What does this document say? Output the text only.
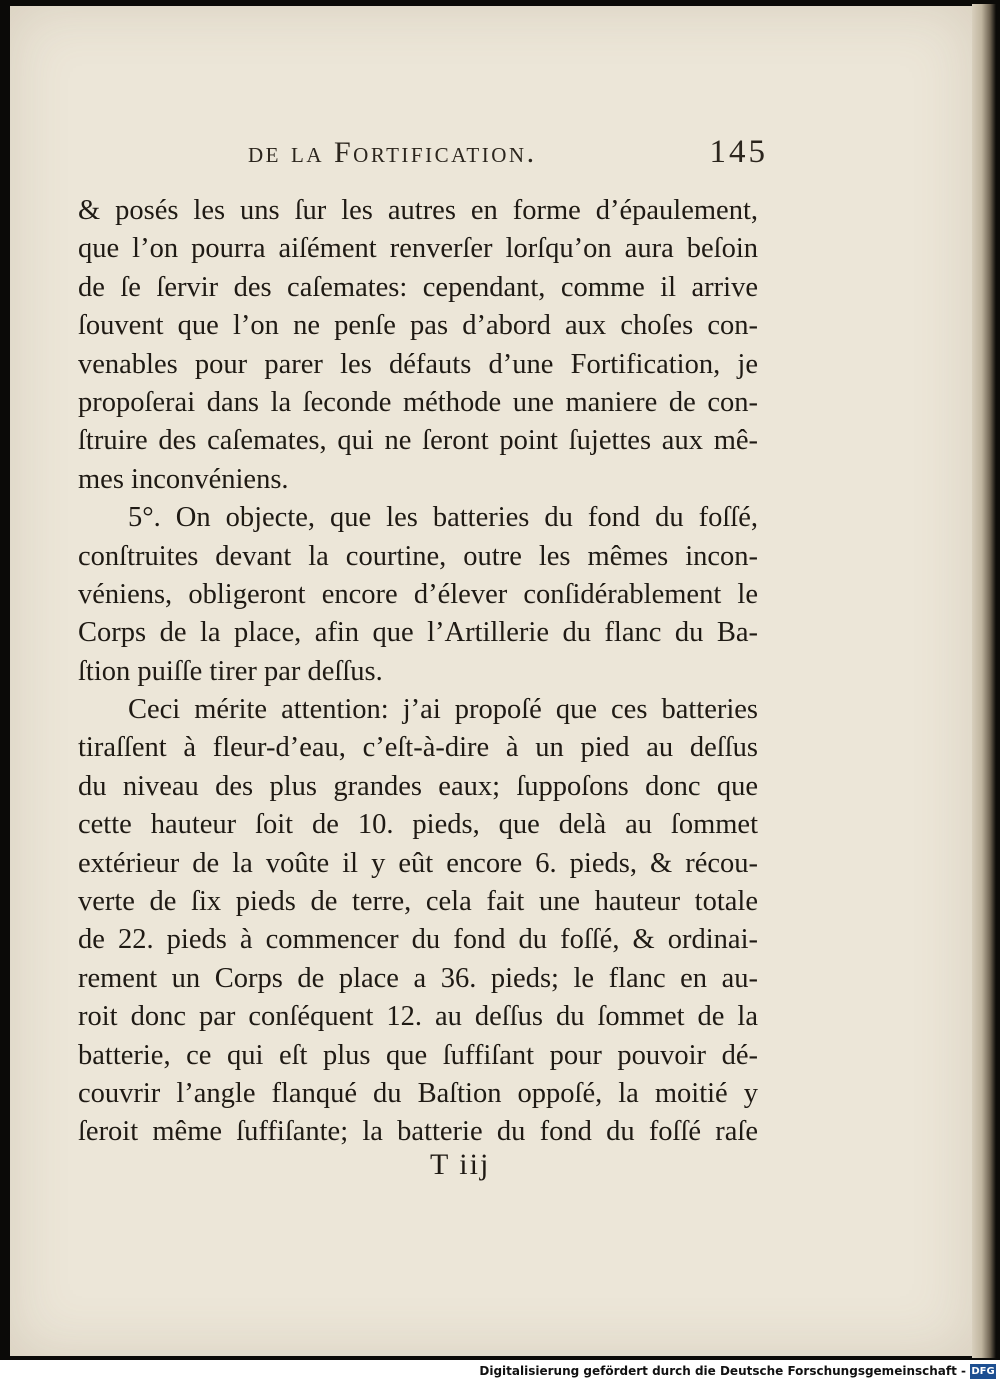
de la Fortification.	145
& posés les uns ſur les autres en forme d’épaulement,
que l’on pourra aiſément renverſer lorſqu’on aura beſoin
de ſe ſervir des caſemates: cependant, comme il arrive
ſouvent que l’on ne penſe pas d’abord aux choſes con-
venables pour parer les défauts d’une Fortification, je
propoſerai dans la ſeconde méthode une maniere de con-
ſtruire des caſemates, qui ne ſeront point ſujettes aux mê-
mes inconvéniens.
5°. On objecte, que les batteries du fond du foſſé,
conſtruites devant la courtine, outre les mêmes incon-
véniens, obligeront encore d’élever conſidérablement le
Corps de la place, afin que l’Artillerie du flanc du Ba-
ſtion puiſſe tirer par deſſus.
Ceci mérite attention: j’ai propoſé que ces batteries
tiraſſent à fleur-d’eau, c’eſt-à-dire à un pied au deſſus
du niveau des plus grandes eaux; ſuppoſons donc que
cette hauteur ſoit de 10. pieds, que delà au ſommet
extérieur de la voûte il y eût encore 6. pieds, & récou-
verte de ſix pieds de terre, cela fait une hauteur totale
de 22. pieds à commencer du fond du foſſé, & ordinai-
rement un Corps de place a 36. pieds; le flanc en au-
roit donc par conſéquent 12. au deſſus du ſommet de la
batterie, ce qui eſt plus que ſuffiſant pour pouvoir dé-
couvrir l’angle flanqué du Baſtion oppoſé, la moitié y
ſeroit même ſuffiſante; la batterie du fond du foſſé raſe
T iij
Digitalisierung gefördert durch die Deutsche Forschungsgemeinschaft - DFG
